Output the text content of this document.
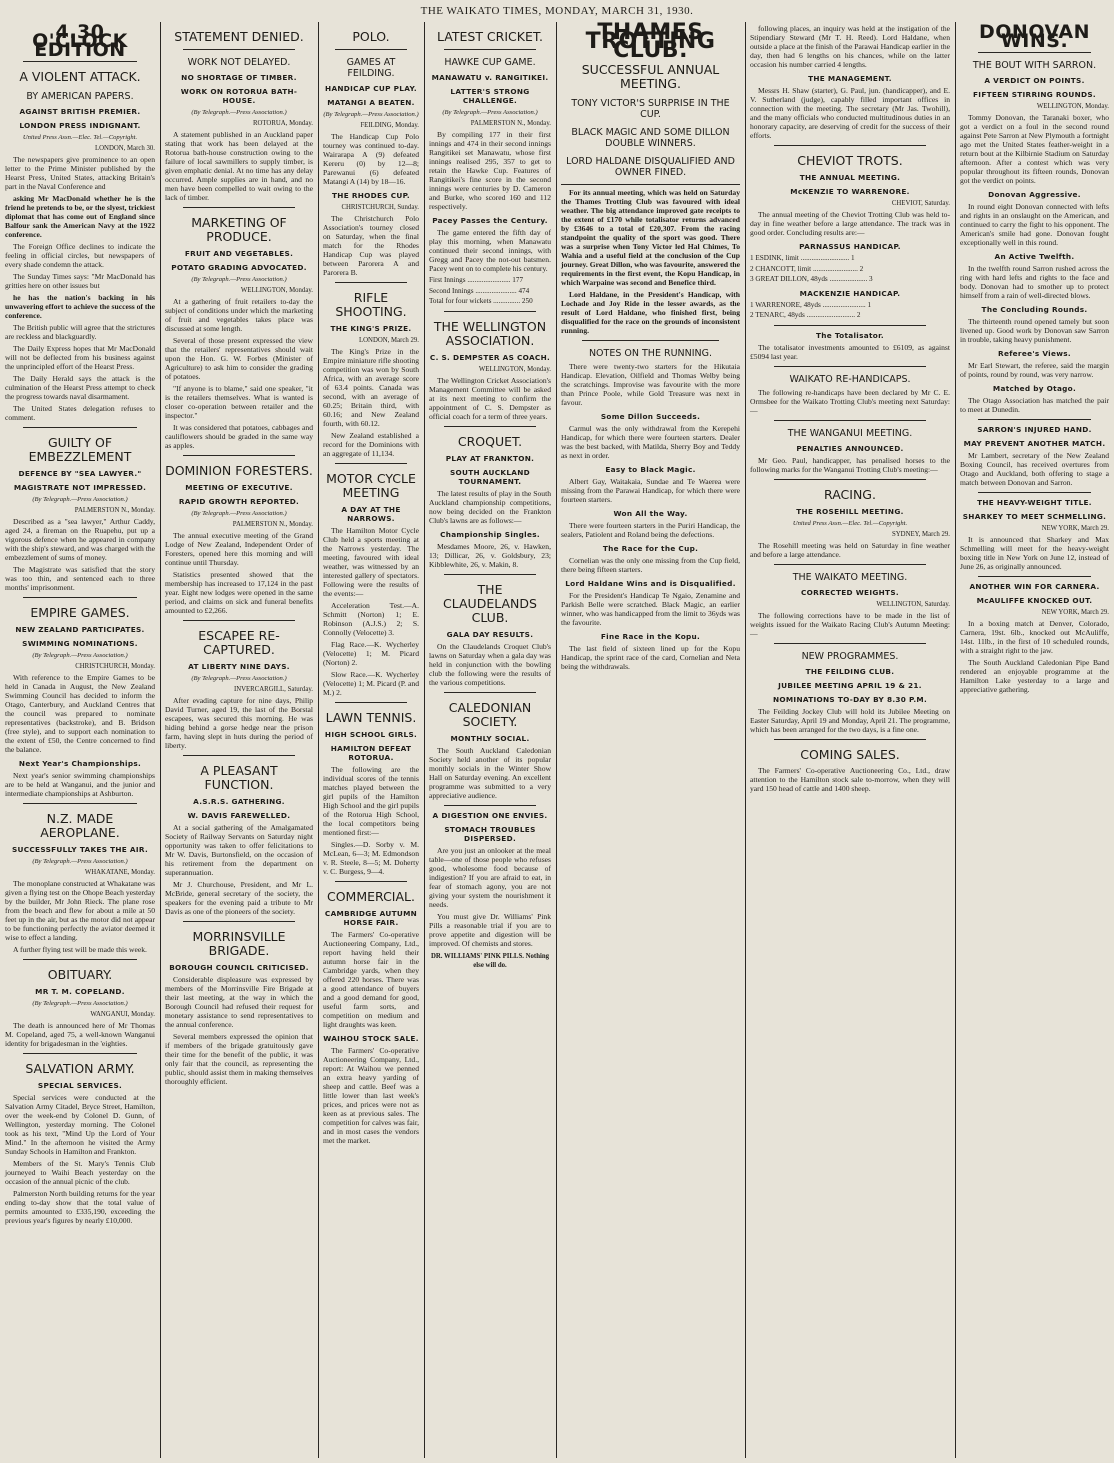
THE WAIKATO TIMES, MONDAY, MARCH 31, 1930.
4.30 O'CLOCK EDITION
A VIOLENT ATTACK.
BY AMERICAN PAPERS.
AGAINST BRITISH PREMIER.
LONDON PRESS INDIGNANT.
United Press Assn.—Elec. Tel.—Copyright.
LONDON, March 30.
The newspapers give prominence to an open letter to the Prime Minister published by the Hearst Press, United States, attacking Britain's part in the Naval Conference and
asking Mr MacDonald whether he is the friend he pretends to be, or the slyest, trickiest diplomat that has come out of England since Balfour sank the American Navy at the 1922 conference.
The Foreign Office declines to indicate the feeling in official circles, but newspapers of every shade condemn the attack.
The Sunday Times says: "Mr MacDonald has gritties here on other issues but
he has the nation's backing in his unwavering effort to achieve the success of the conference.
The British public will agree that the strictures are reckless and blackguardly.
The Daily Express hopes that Mr MacDonald will not be deflected from his business against the unprincipled effort of the Hearst Press.
The Daily Herald says the attack is the culmination of the Hearst Press attempt to check the progress towards naval disarmament.
The United States delegation refuses to comment.
GUILTY OF EMBEZZLEMENT
DEFENCE BY "SEA LAWYER."
MAGISTRATE NOT IMPRESSED.
(By Telegraph.—Press Association.)
PALMERSTON N., Monday.
Described as a "sea lawyer," Arthur Caddy, aged 24, a fireman on the Ruapehu, put up a vigorous defence when he appeared in company with the ship's steward, and was charged with the embezzlement of sums of money.
The Magistrate was satisfied that the story was too thin, and sentenced each to three months' imprisonment.
EMPIRE GAMES.
NEW ZEALAND PARTICIPATES.
SWIMMING NOMINATIONS.
(By Telegraph.—Press Association.)
CHRISTCHURCH, Monday.
With reference to the Empire Games to be held in Canada in August, the New Zealand Swimming Council has decided to inform the Otago, Canterbury, and Auckland Centres that the council was prepared to nominate representatives (backstroke), and B. Bridson (free style), and to support each nomination to the extent of £50, the Centre concerned to find the balance.
Next Year's Championships.
Next year's senior swimming championships are to be held at Wanganui, and the junior and intermediate championships at Ashburton.
N.Z. MADE AEROPLANE.
SUCCESSFULLY TAKES THE AIR.
(By Telegraph.—Press Association.)
WHAKATANE, Monday.
The monoplane constructed at Whakatane was given a flying test on the Ohope Beach yesterday by the builder, Mr John Rieck. The plane rose from the beach and flew for about a mile at 50 feet up in the air, but as the motor did not appear to be functioning perfectly the aviator deemed it wise to effect a landing.
A further flying test will be made this week.
OBITUARY.
MR T. M. COPELAND.
(By Telegraph.—Press Association.)
WANGANUI, Monday.
The death is announced here of Mr Thomas M. Copeland, aged 75, a well-known Wanganui identity for brigadesman in the 'eighties.
SALVATION ARMY.
SPECIAL SERVICES.
Special services were conducted at the Salvation Army Citadel, Bryce Street, Hamilton, over the week-end by Colonel D. Gunn, of Wellington, yesterday morning. The Colonel took as his text, "Mind Up the Lord of Your Mind." In the afternoon he visited the Army Sunday Schools in Hamilton and Frankton.
Members of the St. Mary's Tennis Club journeyed to Waihi Beach yesterday on the occasion of the annual picnic of the club.
Palmerston North building returns for the year ending to-day show that the total value of permits amounted to £335,190, exceeding the previous year's figures by nearly £10,000.
STATEMENT DENIED.
WORK NOT DELAYED.
NO SHORTAGE OF TIMBER.
WORK ON ROTORUA BATH-HOUSE.
(By Telegraph.—Press Association.)
ROTORUA, Monday.
A statement published in an Auckland paper stating that work has been delayed at the Rotorua bath-house construction owing to the failure of local sawmillers to supply timber, is given emphatic denial. At no time has any delay occurred. Ample supplies are in hand, and no men have been compelled to wait owing to the lack of timber.
MARKETING OF PRODUCE.
FRUIT AND VEGETABLES.
POTATO GRADING ADVOCATED.
(By Telegraph.—Press Association.)
WELLINGTON, Monday.
At a gathering of fruit retailers to-day the subject of conditions under which the marketing of fruit and vegetables takes place was discussed at some length.
Several of those present expressed the view that the retailers' representatives should wait upon the Hon. G. W. Forbes (Minister of Agriculture) to ask him to consider the grading of potatoes.
"If anyone is to blame," said one speaker, "it is the retailers themselves. What is wanted is closer co-operation between retailer and the inspector."
It was considered that potatoes, cabbages and cauliflowers should be graded in the same way as apples.
DOMINION FORESTERS.
MEETING OF EXECUTIVE.
RAPID GROWTH REPORTED.
(By Telegraph.—Press Association.)
PALMERSTON N., Monday.
The annual executive meeting of the Grand Lodge of New Zealand, Independent Order of Foresters, opened here this morning and will continue until Thursday.
Statistics presented showed that the membership has increased to 17,124 in the past year. Eight new lodges were opened in the same period, and claims on sick and funeral benefits amounted to £2,266.
ESCAPEE RE-CAPTURED.
AT LIBERTY NINE DAYS.
(By Telegraph.—Press Association.)
INVERCARGILL, Saturday.
After evading capture for nine days, Philip David Turner, aged 19, the last of the Borstal escapees, was secured this morning. He was hiding behind a gorse hedge near the prison farm, having slept in huts during the period of liberty.
A PLEASANT FUNCTION.
A.S.R.S. GATHERING.
W. DAVIS FAREWELLED.
At a social gathering of the Amalgamated Society of Railway Servants on Saturday night opportunity was taken to offer felicitations to Mr W. Davis, Burtonsfield, on the occasion of his retirement from the department on superannuation.
Mr J. Churchouse, President, and Mr L. McBride, general secretary of the society, the speakers for the evening paid a tribute to Mr Davis as one of the pioneers of the society.
MORRINSVILLE BRIGADE.
BOROUGH COUNCIL CRITICISED.
Considerable displeasure was expressed by members of the Morrinsville Fire Brigade at their last meeting, at the way in which the Borough Council had refused their request for monetary assistance to send representatives to the annual conference.
Several members expressed the opinion that if members of the brigade gratuitously gave their time for the benefit of the public, it was only fair that the council, as representing the public, should assist them in making themselves thoroughly efficient.
POLO.
GAMES AT FEILDING.
HANDICAP CUP PLAY.
MATANGI A BEATEN.
(By Telegraph.—Press Association.)
FEILDING, Monday.
The Handicap Cup Polo tourney was continued to-day. Wairarapa A (9) defeated Kereru (0) by 12—8; Parewanui (6) defeated Matangi A (14) by 18—16.
THE RHODES CUP.
CHRISTCHURCH, Sunday.
The Christchurch Polo Association's tourney closed on Saturday, when the final match for the Rhodes Handicap Cup was played between Parorera A and Parorera B.
RIFLE SHOOTING.
THE KING'S PRIZE.
LONDON, March 29.
The King's Prize in the Empire miniature rifle shooting competition was won by South Africa, with an average score of 63.4 points. Canada was second, with an average of 60.25; Britain third, with 60.16; and New Zealand fourth, with 60.12.
New Zealand established a record for the Dominions with an aggregate of 11,134.
MOTOR CYCLE MEETING
A DAY AT THE NARROWS.
The Hamilton Motor Cycle Club held a sports meeting at the Narrows yesterday. The meeting, favoured with ideal weather, was witnessed by an interested gallery of spectators. Following were the results of the events:—
Acceleration Test.—A. Schmitt (Norton) 1; E. Robinson (A.J.S.) 2; S. Connolly (Velocette) 3.
Flag Race.—K. Wycherley (Velocette) 1; M. Picard (Norton) 2.
Slow Race.—K. Wycherley (Velocette) 1; M. Picard (P. and M.) 2.
LAWN TENNIS.
HIGH SCHOOL GIRLS.
HAMILTON DEFEAT ROTORUA.
The following are the individual scores of the tennis matches played between the girl pupils of the Hamilton High School and the girl pupils of the Rotorua High School, the local competitors being mentioned first:—
Singles.—D. Sorby v. M. McLean, 6—3; M. Edmondson v. R. Steele, 8—5; M. Doherty v. C. Burgess, 9—4.
COMMERCIAL.
CAMBRIDGE AUTUMN HORSE FAIR.
The Farmers' Co-operative Auctioneering Company, Ltd., report having held their autumn horse fair in the Cambridge yards, when they offered 220 horses. There was a good attendance of buyers and a good demand for good, useful farm sorts, and competition on medium and light draughts was keen.
WAIHOU STOCK SALE.
The Farmers' Co-operative Auctioneering Company, Ltd., report: At Waihou we penned an extra heavy yarding of sheep and cattle. Beef was a little lower than last week's prices, and prices were not as keen as at previous sales. The competition for calves was fair, and in most cases the vendors met the market.
LATEST CRICKET.
HAWKE CUP GAME.
MANAWATU v. RANGITIKEI.
LATTER'S STRONG CHALLENGE.
(By Telegraph.—Press Association.)
PALMERSTON N., Monday.
By compiling 177 in their first innings and 474 in their second innings Rangitikei set Manawatu, whose first innings realised 295, 357 to get to retain the Hawke Cup. Features of Rangitikei's fine score in the second innings were centuries by D. Cameron and Burke, who scored 160 and 112 respectively.
Pacey Passes the Century.
The game entered the fifth day of play this morning, when Manawatu continued their second innings, with Gregg and Pacey the not-out batsmen. Pacey went on to complete his century.
First Innings ........................ 177
Second Innings ....................... 474
Total for four wickets ............... 250
THE WELLINGTON ASSOCIATION.
C. S. DEMPSTER AS COACH.
WELLINGTON, Monday.
The Wellington Cricket Association's Management Committee will be asked at its next meeting to confirm the appointment of C. S. Dempster as official coach for a term of three years.
CROQUET.
PLAY AT FRANKTON.
SOUTH AUCKLAND TOURNAMENT.
The latest results of play in the South Auckland championship competitions, now being decided on the Frankton Club's lawns are as follows:—
Championship Singles.
Mesdames Moore, 26, v. Hawken, 13; Dillicar, 26, v. Goldsbury, 23; Kibblewhite, 26, v. Makin, 8.
THE CLAUDELANDS CLUB.
GALA DAY RESULTS.
On the Claudelands Croquet Club's lawns on Saturday when a gala day was held in conjunction with the bowling club the following were the results of the various competitions.
CALEDONIAN SOCIETY.
MONTHLY SOCIAL.
The South Auckland Caledonian Society held another of its popular monthly socials in the Winter Show Hall on Saturday evening. An excellent programme was submitted to a very appreciative audience.
A DIGESTION ONE ENVIES.
STOMACH TROUBLES DISPERSED.
Are you just an onlooker at the meal table—one of those people who refuses good, wholesome food because of indigestion? If you are afraid to eat, in fear of stomach agony, you are not giving your system the nourishment it needs.
You must give Dr. Williams' Pink Pills a reasonable trial if you are to prove appetite and digestion will be improved. Of chemists and stores.
DR. WILLIAMS' PINK PILLS. Nothing else will do.
THAMES TROTTING CLUB.
SUCCESSFUL ANNUAL MEETING.
TONY VICTOR'S SURPRISE IN THE CUP.
BLACK MAGIC AND SOME DILLON DOUBLE WINNERS.
LORD HALDANE DISQUALIFIED AND OWNER FINED.
For its annual meeting, which was held on Saturday the Thames Trotting Club was favoured with ideal weather. The big attendance improved gate receipts to the extent of £170 while totalisator returns advanced by £3646 to a total of £20,307. From the racing standpoint the quality of the sport was good. There was a surprise when Tony Victor led Hal Chimes, To Wahia and a useful field at the conclusion of the Cup journey. Great Dillon, who was favourite, answered the requirements in the first event, the Kopu Handicap, in which Warpaine was second and Benefice third.
Lord Haldane, in the President's Handicap, with Lochade and Joy Ride in the lesser awards, as the result of Lord Haldane, who finished first, being disqualified for the race on the grounds of inconsistent running.
NOTES ON THE RUNNING.
There were twenty-two starters for the Hikutaia Handicap. Elevation, Oilfield and Thomas Welby being the scratchings. Improvise was favourite with the more than Prince Poole, while Gold Treasure was next in favour.
Some Dillon Succeeds.
Carmul was the only withdrawal from the Kerepehi Handicap, for which there were fourteen starters. Dealer was the best backed, with Matilda, Sherry Boy and Teddy as next in order.
Easy to Black Magic.
Albert Gay, Waitakaia, Sundae and Te Waerea were missing from the Parawai Handicap, for which there were fourteen starters.
Won All the Way.
There were fourteen starters in the Puriri Handicap, the sealers, Patiolent and Roland being the defections.
The Race for the Cup.
Cornelian was the only one missing from the Cup field, there being fifteen starters.
Lord Haldane Wins and is Disqualified.
For the President's Handicap Te Ngaio, Zenamine and Parkish Belle were scratched. Black Magic, an earlier winner, who was handicapped from the limit to 36yds was the favourite.
Fine Race in the Kopu.
The last field of sixteen lined up for the Kopu Handicap, the sprint race of the card, Cornelian and Neta being the withdrawals.
following places, an inquiry was held at the instigation of the Stipendiary Steward (Mr T. H. Reed). Lord Haldane, when outside a place at the finish of the Parawai Handicap earlier in the day, then had 6 lengths on his chances, while on the latter occasion his number carried 4 lengths.
THE MANAGEMENT.
Messrs H. Shaw (starter), G. Paul, jun. (handicapper), and E. V. Sutherland (judge), capably filled important offices in connection with the meeting. The secretary (Mr Jas. Twohill), and the many officials who conducted multitudinous duties in an honorary capacity, are deserving of credit for the success of their efforts.
CHEVIOT TROTS.
THE ANNUAL MEETING.
McKENZIE TO WARRENORE.
CHEVIOT, Saturday.
The annual meeting of the Cheviot Trotting Club was held to-day in fine weather before a large attendance. The track was in good order. Concluding results are:—
PARNASSUS HANDICAP.
1 ESDINK, limit ........................... 1
2 CHANCOTT, limit ......................... 2
3 GREAT DILLON, 48yds ..................... 3
MACKENZIE HANDICAP.
1 WARRENORE, 48yds ........................ 1
2 TENARC, 48yds ........................... 2
The Totalisator.
The totalisator investments amounted to £6109, as against £5094 last year.
WAIKATO RE-HANDICAPS.
The following re-handicaps have been declared by Mr C. E. Ormsbee for the Waikato Trotting Club's meeting next Saturday:—
THE WANGANUI MEETING.
PENALTIES ANNOUNCED.
Mr Geo. Paul, handicapper, has penalised horses to the following marks for the Wanganui Trotting Club's meeting:—
RACING.
THE ROSEHILL MEETING.
United Press Assn.—Elec. Tel.—Copyright.
SYDNEY, March 29.
The Rosehill meeting was held on Saturday in fine weather and before a large attendance.
THE WAIKATO MEETING.
CORRECTED WEIGHTS.
WELLINGTON, Saturday.
The following corrections have to be made in the list of weights issued for the Waikato Racing Club's Autumn Meeting:—
NEW PROGRAMMES.
THE FEILDING CLUB.
JUBILEE MEETING APRIL 19 & 21.
NOMINATIONS TO-DAY BY 8.30 P.M.
The Feilding Jockey Club will hold its Jubilee Meeting on Easter Saturday, April 19 and Monday, April 21. The programme, which has been arranged for the two days, is a fine one.
COMING SALES.
The Farmers' Co-operative Auctioneering Co., Ltd., draw attention to the Hamilton stock sale to-morrow, when they will yard 150 head of cattle and 1400 sheep.
DONOVAN WINS.
THE BOUT WITH SARRON.
A VERDICT ON POINTS.
FIFTEEN STIRRING ROUNDS.
WELLINGTON, Monday.
Tommy Donovan, the Taranaki boxer, who got a verdict on a foul in the second round against Pete Sarron at New Plymouth a fortnight ago met the United States feather-weight in a return bout at the Kilbirnie Stadium on Saturday afternoon. After a contest which was very popular throughout its fifteen rounds, Donovan got the verdict on points.
Donovan Aggressive.
In round eight Donovan connected with lefts and rights in an onslaught on the American, and continued to carry the fight to his opponent. The American's smile had gone. Donovan fought exceptionally well in this round.
An Active Twelfth.
In the twelfth round Sarron rushed across the ring with hard lefts and rights to the face and body. Donovan had to smother up to protect himself from a rain of well-directed blows.
The Concluding Rounds.
The thirteenth round opened tamely but soon livened up. Good work by Donovan saw Sarron in trouble, taking heavy punishment.
Referee's Views.
Mr Earl Stewart, the referee, said the margin of points, round by round, was very narrow.
Matched by Otago.
The Otago Association has matched the pair to meet at Dunedin.
SARRON'S INJURED HAND.
MAY PREVENT ANOTHER MATCH.
Mr Lambert, secretary of the New Zealand Boxing Council, has received overtures from Otago and Auckland, both offering to stage a match between Donovan and Sarron.
THE HEAVY-WEIGHT TITLE.
SHARKEY TO MEET SCHMELLING.
NEW YORK, March 29.
It is announced that Sharkey and Max Schmelling will meet for the heavy-weight boxing title in New York on June 12, instead of June 26, as originally announced.
ANOTHER WIN FOR CARNERA.
McAULIFFE KNOCKED OUT.
NEW YORK, March 29.
In a boxing match at Denver, Colorado, Carnera, 19st. 6lb., knocked out McAuliffe, 14st. 11lb., in the first of 10 scheduled rounds, with a straight right to the jaw.
The South Auckland Caledonian Pipe Band rendered an enjoyable programme at the Hamilton Lake yesterday to a large and appreciative gathering.
